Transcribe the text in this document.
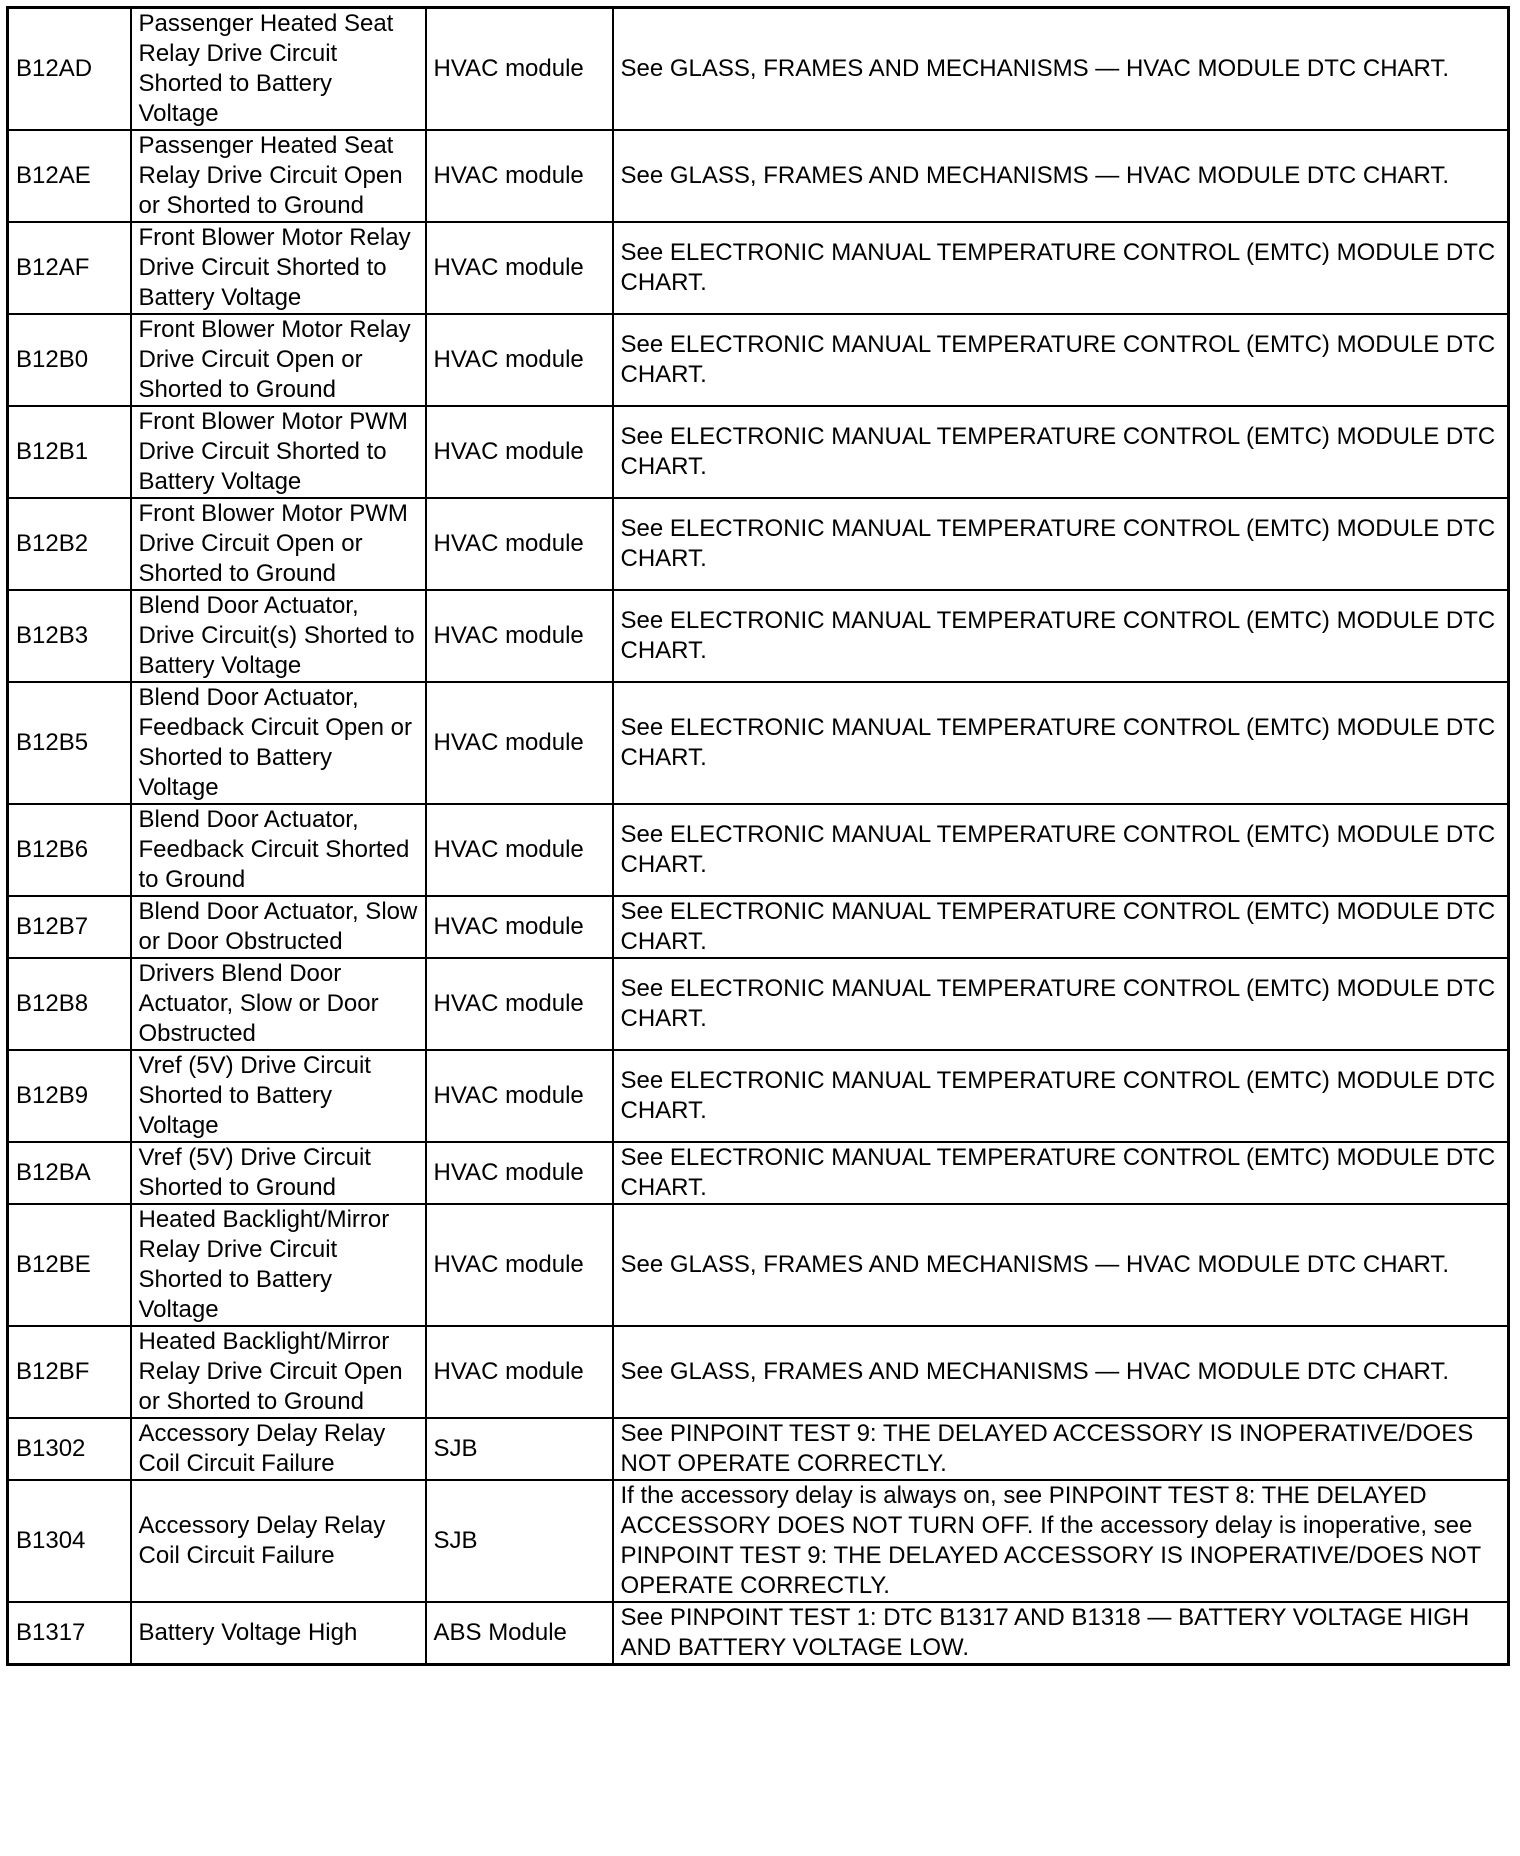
B12AD	Passenger Heated Seat Relay Drive Circuit Shorted to Battery Voltage	HVAC module	See GLASS, FRAMES AND MECHANISMS — HVAC MODULE DTC CHART.
B12AE	Passenger Heated Seat Relay Drive Circuit Open or Shorted to Ground	HVAC module	See GLASS, FRAMES AND MECHANISMS — HVAC MODULE DTC CHART.
B12AF	Front Blower Motor Relay Drive Circuit Shorted to Battery Voltage	HVAC module	See ELECTRONIC MANUAL TEMPERATURE CONTROL (EMTC) MODULE DTC CHART.
B12B0	Front Blower Motor Relay Drive Circuit Open or Shorted to Ground	HVAC module	See ELECTRONIC MANUAL TEMPERATURE CONTROL (EMTC) MODULE DTC CHART.
B12B1	Front Blower Motor PWM Drive Circuit Shorted to Battery Voltage	HVAC module	See ELECTRONIC MANUAL TEMPERATURE CONTROL (EMTC) MODULE DTC CHART.
B12B2	Front Blower Motor PWM Drive Circuit Open or Shorted to Ground	HVAC module	See ELECTRONIC MANUAL TEMPERATURE CONTROL (EMTC) MODULE DTC CHART.
B12B3	Blend Door Actuator, Drive Circuit(s) Shorted to Battery Voltage	HVAC module	See ELECTRONIC MANUAL TEMPERATURE CONTROL (EMTC) MODULE DTC CHART.
B12B5	Blend Door Actuator, Feedback Circuit Open or Shorted to Battery Voltage	HVAC module	See ELECTRONIC MANUAL TEMPERATURE CONTROL (EMTC) MODULE DTC CHART.
B12B6	Blend Door Actuator, Feedback Circuit Shorted to Ground	HVAC module	See ELECTRONIC MANUAL TEMPERATURE CONTROL (EMTC) MODULE DTC CHART.
B12B7	Blend Door Actuator, Slow or Door Obstructed	HVAC module	See ELECTRONIC MANUAL TEMPERATURE CONTROL (EMTC) MODULE DTC CHART.
B12B8	Drivers Blend Door Actuator, Slow or Door Obstructed	HVAC module	See ELECTRONIC MANUAL TEMPERATURE CONTROL (EMTC) MODULE DTC CHART.
B12B9	Vref (5V) Drive Circuit Shorted to Battery Voltage	HVAC module	See ELECTRONIC MANUAL TEMPERATURE CONTROL (EMTC) MODULE DTC CHART.
B12BA	Vref (5V) Drive Circuit Shorted to Ground	HVAC module	See ELECTRONIC MANUAL TEMPERATURE CONTROL (EMTC) MODULE DTC CHART.
B12BE	Heated Backlight/Mirror Relay Drive Circuit Shorted to Battery Voltage	HVAC module	See GLASS, FRAMES AND MECHANISMS — HVAC MODULE DTC CHART.
B12BF	Heated Backlight/Mirror Relay Drive Circuit Open or Shorted to Ground	HVAC module	See GLASS, FRAMES AND MECHANISMS — HVAC MODULE DTC CHART.
B1302	Accessory Delay Relay Coil Circuit Failure	SJB	See PINPOINT TEST 9: THE DELAYED ACCESSORY IS INOPERATIVE/DOES NOT OPERATE CORRECTLY.
B1304	Accessory Delay Relay Coil Circuit Failure	SJB	If the accessory delay is always on, see PINPOINT TEST 8: THE DELAYED ACCESSORY DOES NOT TURN OFF. If the accessory delay is inoperative, see PINPOINT TEST 9: THE DELAYED ACCESSORY IS INOPERATIVE/DOES NOT OPERATE CORRECTLY.
B1317	Battery Voltage High	ABS Module	See PINPOINT TEST 1: DTC B1317 AND B1318 — BATTERY VOLTAGE HIGH AND BATTERY VOLTAGE LOW.
